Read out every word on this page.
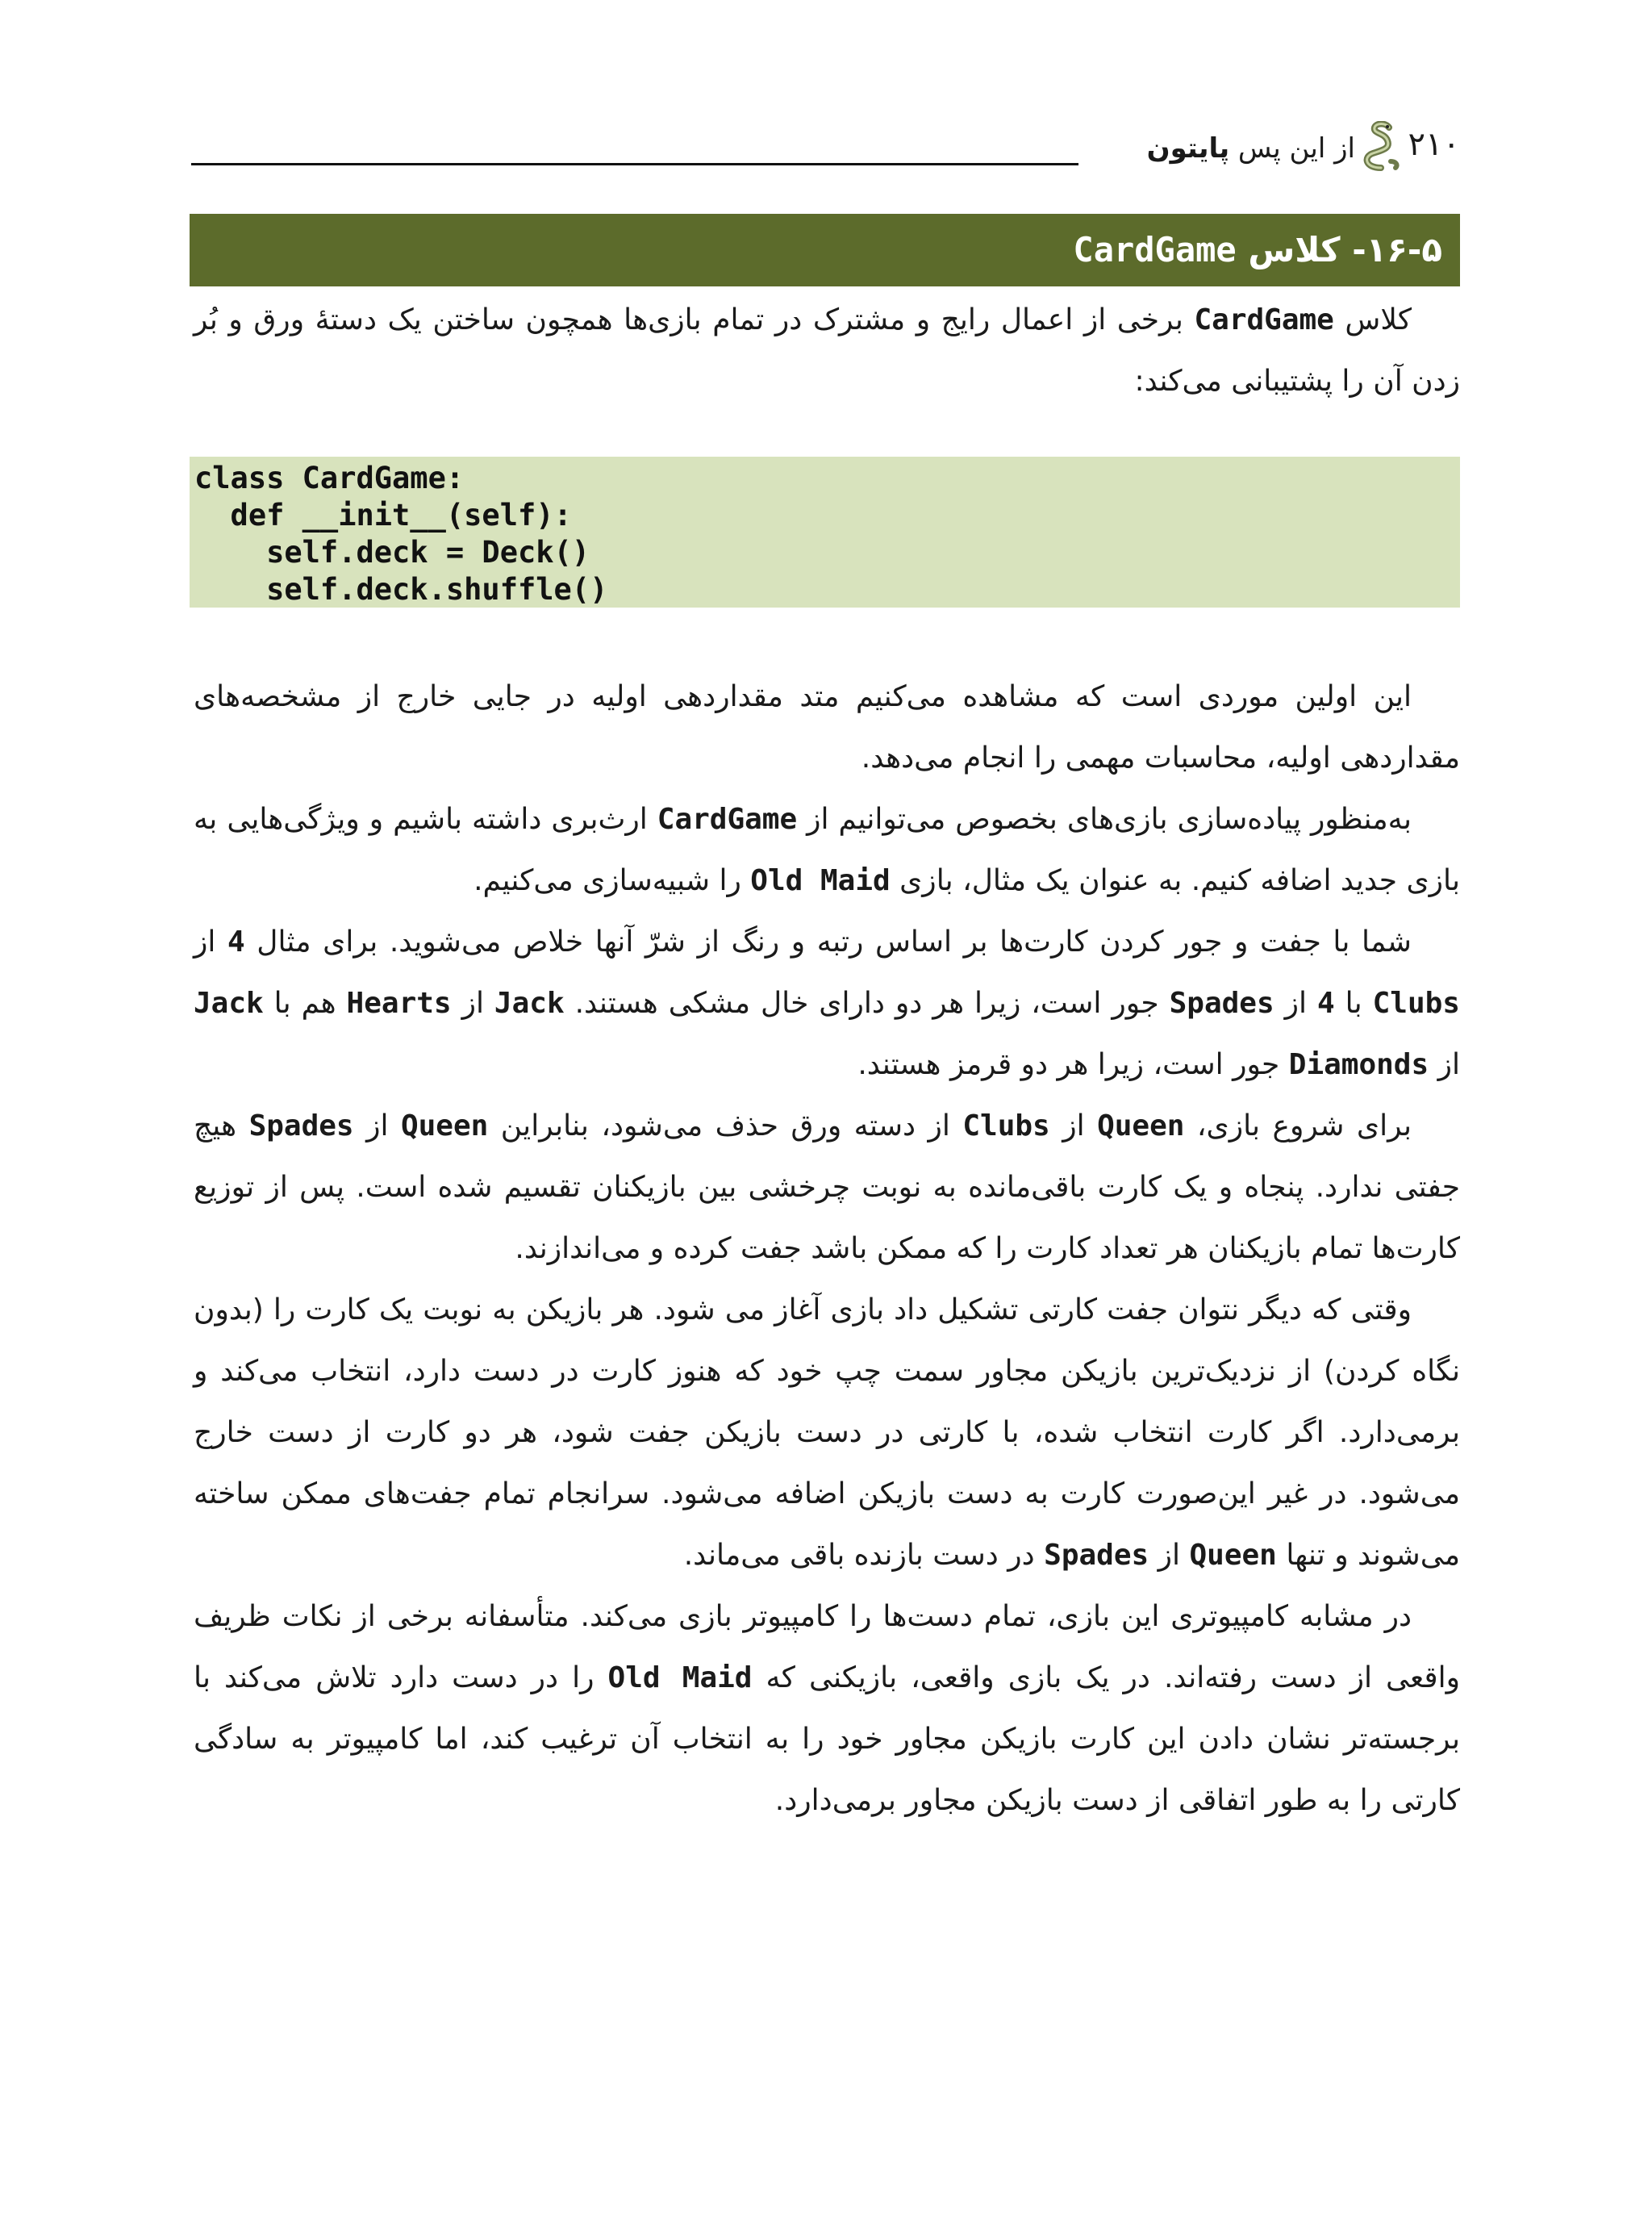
از این پس پایتون	۲۱۰
۱۶-۵- کلاس CardGame
کلاس CardGame برخی از اعمال رایج و مشترک در تمام بازی‌ها همچون ساختن یک دستهٔ ورق و بُر زدن آن را پشتیبانی می‌کند:
class CardGame:
def __init__(self):
self.deck = Deck()
self.deck.shuffle()
این اولین موردی است که مشاهده می‌کنیم متد مقداردهی اولیه در جایی خارج از مشخصه‌های مقداردهی اولیه، محاسبات مهمی را انجام می‌دهد.
به‌منظور پیاده‌سازی بازی‌های بخصوص می‌توانیم از CardGame ارث‌بری داشته باشیم و ویژگی‌هایی به بازی جدید اضافه کنیم. به عنوان یک مثال، بازی Old Maid را شبیه‌سازی می‌کنیم.
شما با جفت و جور کردن کارت‌ها بر اساس رتبه و رنگ از شرّ آنها خلاص می‌شوید. برای مثال 4 از Clubs با 4 از Spades جور است، زیرا هر دو دارای خال مشکی هستند. Jack از Hearts هم با Jack از Diamonds جور است، زیرا هر دو قرمز هستند.
برای شروع بازی، Queen از Clubs از دسته ورق حذف می‌شود، بنابراین Queen از Spades هیچ جفتی ندارد. پنجاه و یک کارت باقی‌مانده به نوبت چرخشی بین بازیکنان تقسیم شده است. پس از توزیع کارت‌ها تمام بازیکنان هر تعداد کارت را که ممکن باشد جفت کرده و می‌اندازند.
وقتی که دیگر نتوان جفت کارتی تشکیل داد بازی آغاز می شود. هر بازیکن به نوبت یک کارت را (بدون نگاه کردن) از نزدیک‌ترین بازیکن مجاور سمت چپ خود که هنوز کارت در دست دارد، انتخاب می‌کند و برمی‌دارد. اگر کارت انتخاب شده، با کارتی در دست بازیکن جفت شود، هر دو کارت از دست خارج می‌شود. در غیر این‌صورت کارت به دست بازیکن اضافه می‌شود. سرانجام تمام جفت‌های ممکن ساخته می‌شوند و تنها Queen از Spades در دست بازنده باقی می‌ماند.
در مشابه کامپیوتری این بازی، تمام دست‌ها را کامپیوتر بازی می‌کند. متأسفانه برخی از نکات ظریف واقعی از دست رفته‌اند. در یک بازی واقعی، بازیکنی که Old Maid را در دست دارد تلاش می‌کند با برجسته‌تر نشان دادن این کارت بازیکن مجاور خود را به انتخاب آن ترغیب کند، اما کامپیوتر به سادگی کارتی را به طور اتفاقی از دست بازیکن مجاور برمی‌دارد.
